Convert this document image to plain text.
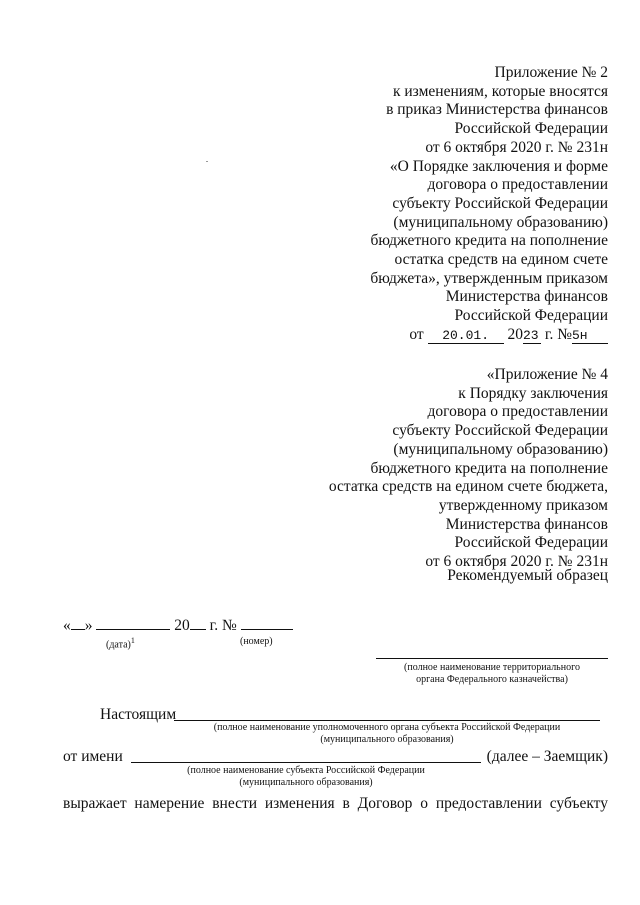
Приложение № 2
к изменениям, которые вносятся
в приказ Министерства финансов
Российской Федерации
от 6 октября 2020 г. № 231н
«О Порядке заключения и форме
договора о предоставлении
субъекту Российской Федерации
(муниципальному образованию)
бюджетного кредита на пополнение
остатка средств на едином счете
бюджета», утвержденным приказом
Министерства финансов
Российской Федерации
от 20.01. 2023 г. №5н
«Приложение № 4
к Порядку заключения
договора о предоставлении
субъекту Российской Федерации
(муниципальному образованию)
бюджетного кредита на пополнение
остатка средств на едином счете бюджета,
утвержденному приказом
Министерства финансов
Российской Федерации
от 6 октября 2020 г. № 231н
Рекомендуемый образец
« »	20 г. №
(дата)$^1$	(номер)
(полное наименование территориального
органа Федерального казначейства)
Настоящим
(полное наименование уполномоченного органа субъекта Российской Федерации
(муниципального образования)
от имени	(далее – Заемщик)
(полное наименование субъекта Российской Федерации
(муниципального образования)
выражает намерение внести изменения в Договор о предоставлении субъекту
